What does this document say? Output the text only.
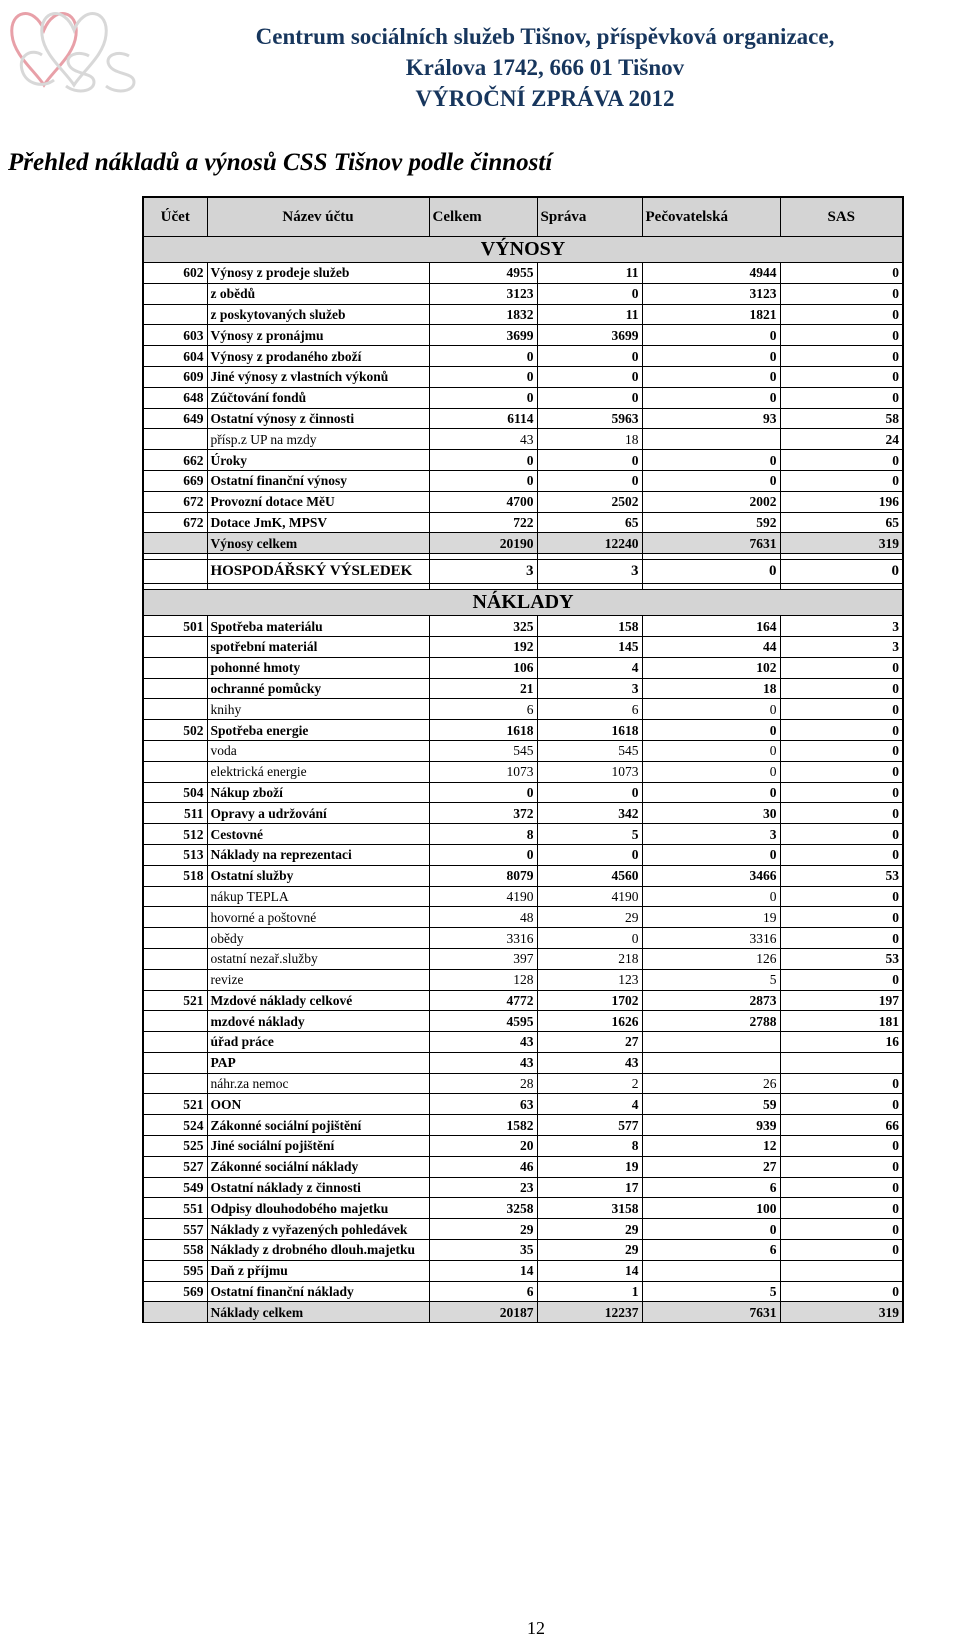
Centrum sociálních služeb Tišnov, příspěvková organizace,
Králova 1742, 666 01 Tišnov
VÝROČNÍ ZPRÁVA 2012
Přehled nákladů a výnosů CSS Tišnov podle činností
Účet	Název účtu	Celkem	Správa	Pečovatelská	SAS
VÝNOSY					
602	Výnosy z prodeje služeb	4955	11	4944	0
	z obědů	3123	0	3123	0
	z poskytovaných služeb	1832	11	1821	0
603	Výnosy z pronájmu	3699	3699	0	0
604	Výnosy z prodaného zboží	0	0	0	0
609	Jiné výnosy z vlastních výkonů	0	0	0	0
648	Zúčtování fondů	0	0	0	0
649	Ostatní výnosy z činnosti	6114	5963	93	58
	přísp.z UP na mzdy	43	18		24
662	Úroky	0	0	0	0
669	Ostatní finanční výnosy	0	0	0	0
672	Provozní dotace MěU	4700	2502	2002	196
672	Dotace JmK, MPSV	722	65	592	65
	Výnosy celkem	20190	12240	7631	319

	HOSPODÁŘSKÝ VÝSLEDEK	3	3	0	0

NÁKLADY					
501	Spotřeba materiálu	325	158	164	3
	spotřební materiál	192	145	44	3
	pohonné hmoty	106	4	102	0
	ochranné pomůcky	21	3	18	0
	knihy	6	6	0	0
502	Spotřeba energie	1618	1618	0	0
	voda	545	545	0	0
	elektrická energie	1073	1073	0	0
504	Nákup zboží	0	0	0	0
511	Opravy a udržování	372	342	30	0
512	Cestovné	8	5	3	0
513	Náklady na reprezentaci	0	0	0	0
518	Ostatní služby	8079	4560	3466	53
	nákup TEPLA	4190	4190	0	0
	hovorné a poštovné	48	29	19	0
	obědy	3316	0	3316	0
	ostatní nezař.služby	397	218	126	53
	revize	128	123	5	0
521	Mzdové náklady celkové	4772	1702	2873	197
	mzdové náklady	4595	1626	2788	181
	úřad práce	43	27		16
	PAP	43	43		
	náhr.za nemoc	28	2	26	0
521	OON	63	4	59	0
524	Zákonné sociální pojištění	1582	577	939	66
525	Jiné sociální pojištění	20	8	12	0
527	Zákonné sociální náklady	46	19	27	0
549	Ostatní náklady z činnosti	23	17	6	0
551	Odpisy dlouhodobého majetku	3258	3158	100	0
557	Náklady z vyřazených pohledávek	29	29	0	0
558	Náklady z drobného dlouh.majetku	35	29	6	0
595	Daň z příjmu	14	14		
569	Ostatní finanční náklady	6	1	5	0
	Náklady celkem	20187	12237	7631	319
12
